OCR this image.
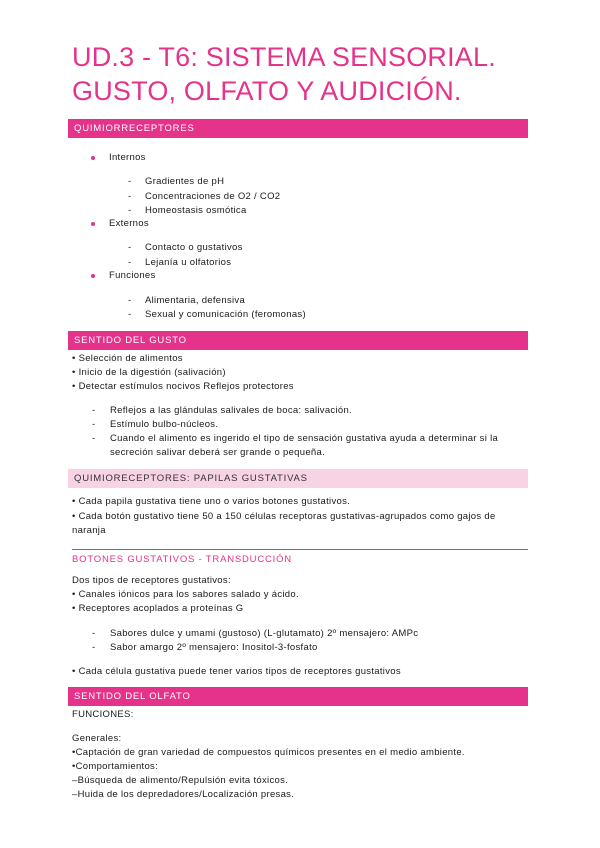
UD.3 - T6: SISTEMA SENSORIAL.
GUSTO, OLFATO Y AUDICIÓN.
QUIMIORRECEPTORES
Internos
- Gradientes de pH
- Concentraciones de O2 / CO2
- Homeostasis osmótica
Externos
- Contacto o gustativos
- Lejanía u olfatorios
Funciones
- Alimentaria, defensiva
- Sexual y comunicación (feromonas)
SENTIDO DEL GUSTO
• Selección de alimentos
• Inicio de la digestión (salivación)
• Detectar estímulos nocivos Reflejos protectores
- Reflejos a las glándulas salivales de boca: salivación.
- Estímulo bulbo-núcleos.
- Cuando el alimento es ingerido el tipo de sensación gustativa ayuda a determinar si la
secreción salivar deberá ser grande o pequeña.
QUIMIORECEPTORES: PAPILAS GUSTATIVAS
• Cada papila gustativa tiene uno o varios botones gustativos.
• Cada botón gustativo tiene 50 a 150 células receptoras gustativas-agrupados como gajos de
naranja
BOTONES GUSTATIVOS - TRANSDUCCIÓN
Dos tipos de receptores gustativos:
• Canales iónicos para los sabores salado y ácido.
• Receptores acoplados a proteínas G
- Sabores dulce y umami (gustoso) (L-glutamato) 2º mensajero: AMPc
- Sabor amargo 2º mensajero: Inositol-3-fosfato
• Cada célula gustativa puede tener varios tipos de receptores gustativos
SENTIDO DEL OLFATO
FUNCIONES:
Generales:
•Captación de gran variedad de compuestos químicos presentes en el medio ambiente.
•Comportamientos:
–Búsqueda de alimento/Repulsión evita tóxicos.
–Huida de los depredadores/Localización presas.
